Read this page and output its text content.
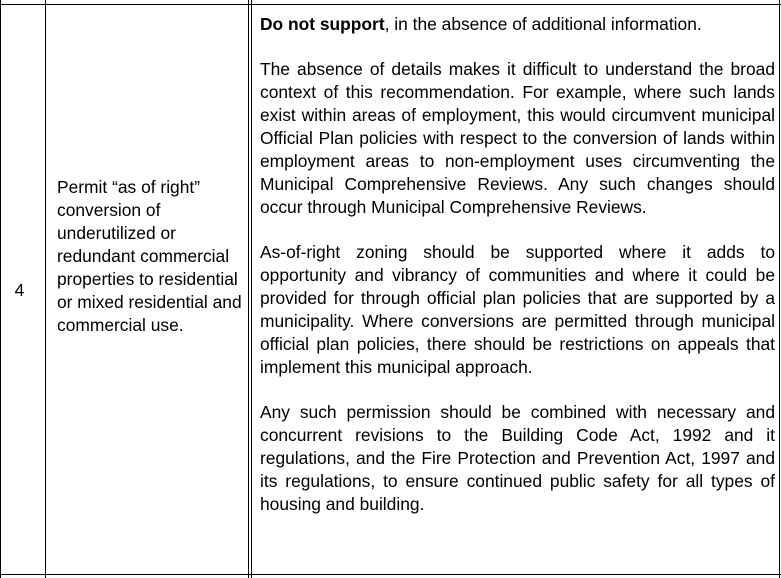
4
Permit “as of right” conversion of underutilized or redundant commercial properties to residential or mixed residential and commercial use.

Do not support, in the absence of additional information.

The absence of details makes it difficult to understand the broad context of this recommendation. For example, where such lands exist within areas of employment, this would circumvent municipal Official Plan policies with respect to the conversion of lands within employment areas to non-employment uses circumventing the Municipal Comprehensive Reviews. Any such changes should occur through Municipal Comprehensive Reviews.

As-of-right zoning should be supported where it adds to opportunity and vibrancy of communities and where it could be provided for through official plan policies that are supported by a municipality. Where conversions are permitted through municipal official plan policies, there should be restrictions on appeals that implement this municipal approach.

Any such permission should be combined with necessary and concurrent revisions to the Building Code Act, 1992 and it regulations, and the Fire Protection and Prevention Act, 1997 and its regulations, to ensure continued public safety for all types of housing and building.
